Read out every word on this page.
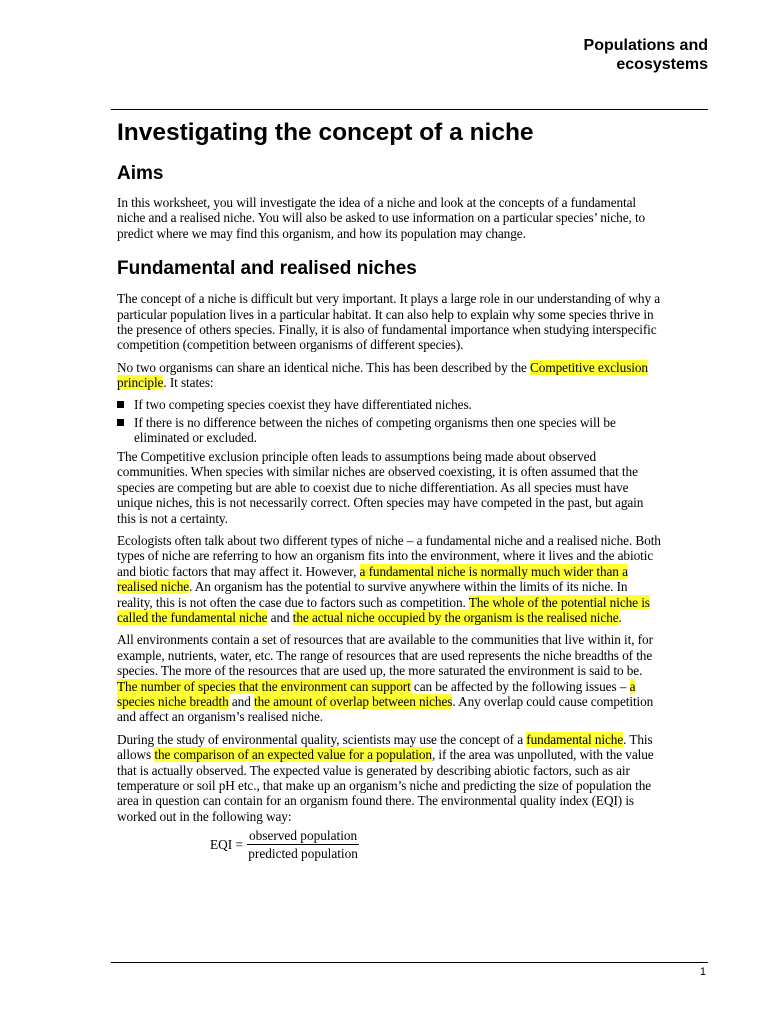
Populations and
ecosystems
Investigating the concept of a niche
Aims

In this worksheet, you will investigate the idea of a niche and look at the concepts of a fundamental niche and a realised niche. You will also be asked to use information on a particular species’ niche, to predict where we may find this organism, and how its population may change.

Fundamental and realised niches

The concept of a niche is difficult but very important. It plays a large role in our understanding of why a particular population lives in a particular habitat. It can also help to explain why some species thrive in the presence of others species. Finally, it is also of fundamental importance when studying interspecific competition (competition between organisms of different species).

No two organisms can share an identical niche. This has been described by the Competitive exclusion principle. It states:

If two competing species coexist they have differentiated niches.
If there is no difference between the niches of competing organisms then one species will be eliminated or excluded.

The Competitive exclusion principle often leads to assumptions being made about observed communities. When species with similar niches are observed coexisting, it is often assumed that the species are competing but are able to coexist due to niche differentiation. As all species must have unique niches, this is not necessarily correct. Often species may have competed in the past, but again this is not a certainty.

Ecologists often talk about two different types of niche – a fundamental niche and a realised niche. Both types of niche are referring to how an organism fits into the environment, where it lives and the abiotic and biotic factors that may affect it. However, a fundamental niche is normally much wider than a realised niche. An organism has the potential to survive anywhere within the limits of its niche. In reality, this is not often the case due to factors such as competition. The whole of the potential niche is called the fundamental niche and the actual niche occupied by the organism is the realised niche.

All environments contain a set of resources that are available to the communities that live within it, for example, nutrients, water, etc. The range of resources that are used represents the niche breadths of the species. The more of the resources that are used up, the more saturated the environment is said to be. The number of species that the environment can support can be affected by the following issues – a species niche breadth and the amount of overlap between niches. Any overlap could cause competition and affect an organism’s realised niche.

During the study of environmental quality, scientists may use the concept of a fundamental niche. This allows the comparison of an expected value for a population, if the area was unpolluted, with the value that is actually observed. The expected value is generated by describing abiotic factors, such as air temperature or soil pH etc., that make up an organism’s niche and predicting the size of population the area in question can contain for an organism found there. The environmental quality index (EQI) is worked out in the following way:

EQI = $\frac{\text{observed population}}{\text{predicted population}}$
1
